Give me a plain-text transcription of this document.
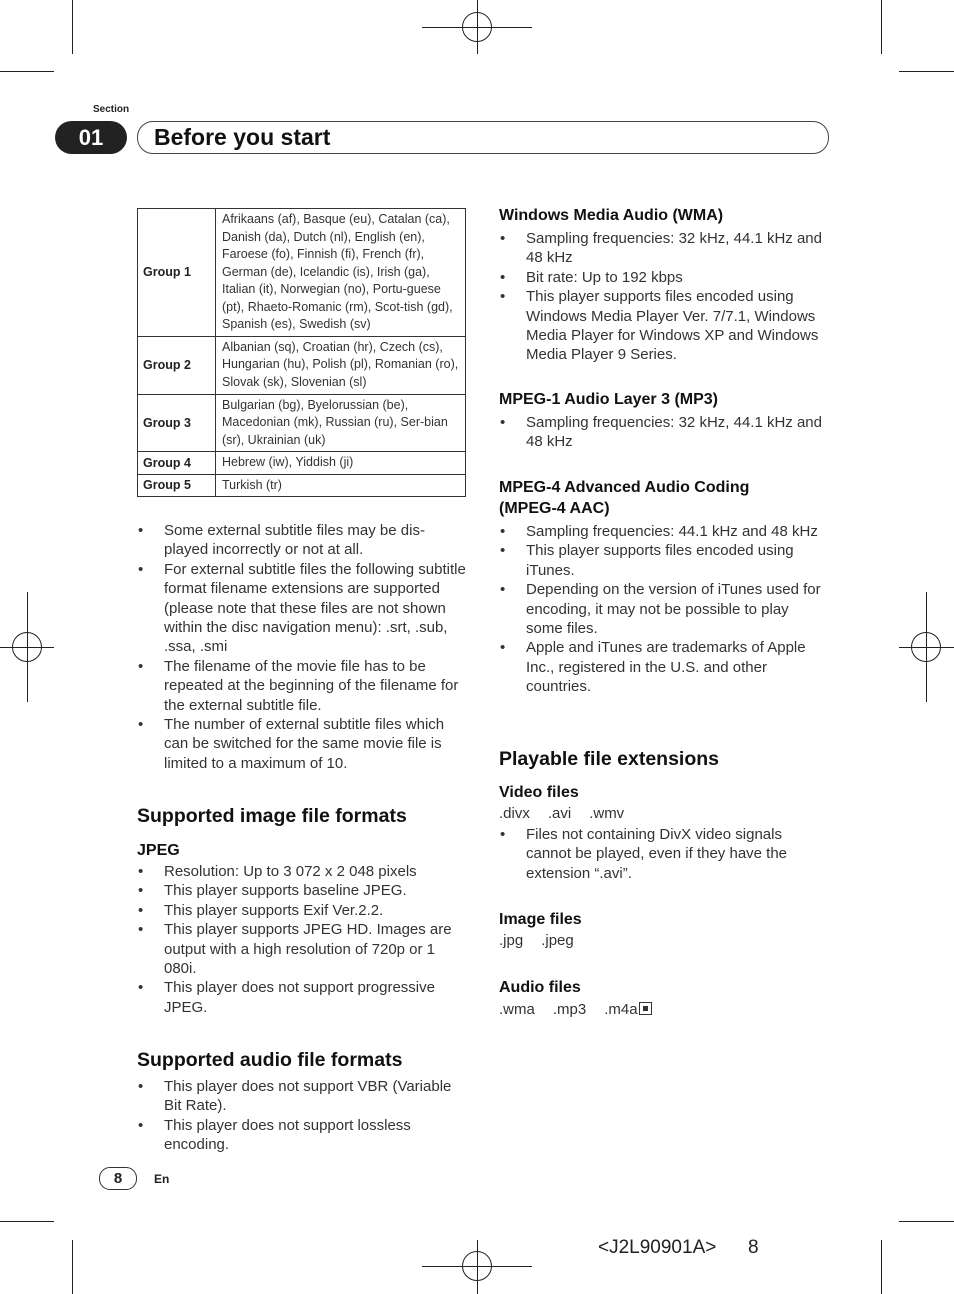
Section
01	Before you start
Group 1	Afrikaans (af), Basque (eu), Catalan (ca), Danish (da), Dutch (nl), English (en), Faroese (fo), Finnish (fi), French (fr), German (de), Icelandic (is), Irish (ga), Italian (it), Norwegian (no), Portu-guese (pt), Rhaeto-Romanic (rm), Scot-tish (gd), Spanish (es), Swedish (sv)
Group 2	Albanian (sq), Croatian (hr), Czech (cs), Hungarian (hu), Polish (pl), Romanian (ro), Slovak (sk), Slovenian (sl)
Group 3	Bulgarian (bg), Byelorussian (be), Macedonian (mk), Russian (ru), Ser-bian (sr), Ukrainian (uk)
Group 4	Hebrew (iw), Yiddish (ji)
Group 5	Turkish (tr)
• Some external subtitle files may be dis-played incorrectly or not at all.
• For external subtitle files the following subtitle format filename extensions are supported (please note that these files are not shown within the disc navigation menu): .srt, .sub, .ssa, .smi
• The filename of the movie file has to be repeated at the beginning of the filename for the external subtitle file.
• The number of external subtitle files which can be switched for the same movie file is limited to a maximum of 10.
Supported image file formats
JPEG
• Resolution: Up to 3 072 x 2 048 pixels
• This player supports baseline JPEG.
• This player supports Exif Ver.2.2.
• This player supports JPEG HD. Images are output with a high resolution of 720p or 1 080i.
• This player does not support progressive JPEG.
Supported audio file formats
• This player does not support VBR (Variable Bit Rate).
• This player does not support lossless encoding.
Windows Media Audio (WMA)
• Sampling frequencies: 32 kHz, 44.1 kHz and 48 kHz
• Bit rate: Up to 192 kbps
• This player supports files encoded using Windows Media Player Ver. 7/7.1, Windows Media Player for Windows XP and Windows Media Player 9 Series.
MPEG-1 Audio Layer 3 (MP3)
• Sampling frequencies: 32 kHz, 44.1 kHz and 48 kHz
MPEG-4 Advanced Audio Coding
(MPEG-4 AAC)
• Sampling frequencies: 44.1 kHz and 48 kHz
• This player supports files encoded using iTunes.
• Depending on the version of iTunes used for encoding, it may not be possible to play some files.
• Apple and iTunes are trademarks of Apple Inc., registered in the U.S. and other countries.
Playable file extensions
Video files
.divx .avi .wmv
• Files not containing DivX video signals cannot be played, even if they have the extension “.avi”.
Image files
.jpg .jpeg
Audio files
.wma .mp3 .m4a
8	En
<J2L90901A> 8
